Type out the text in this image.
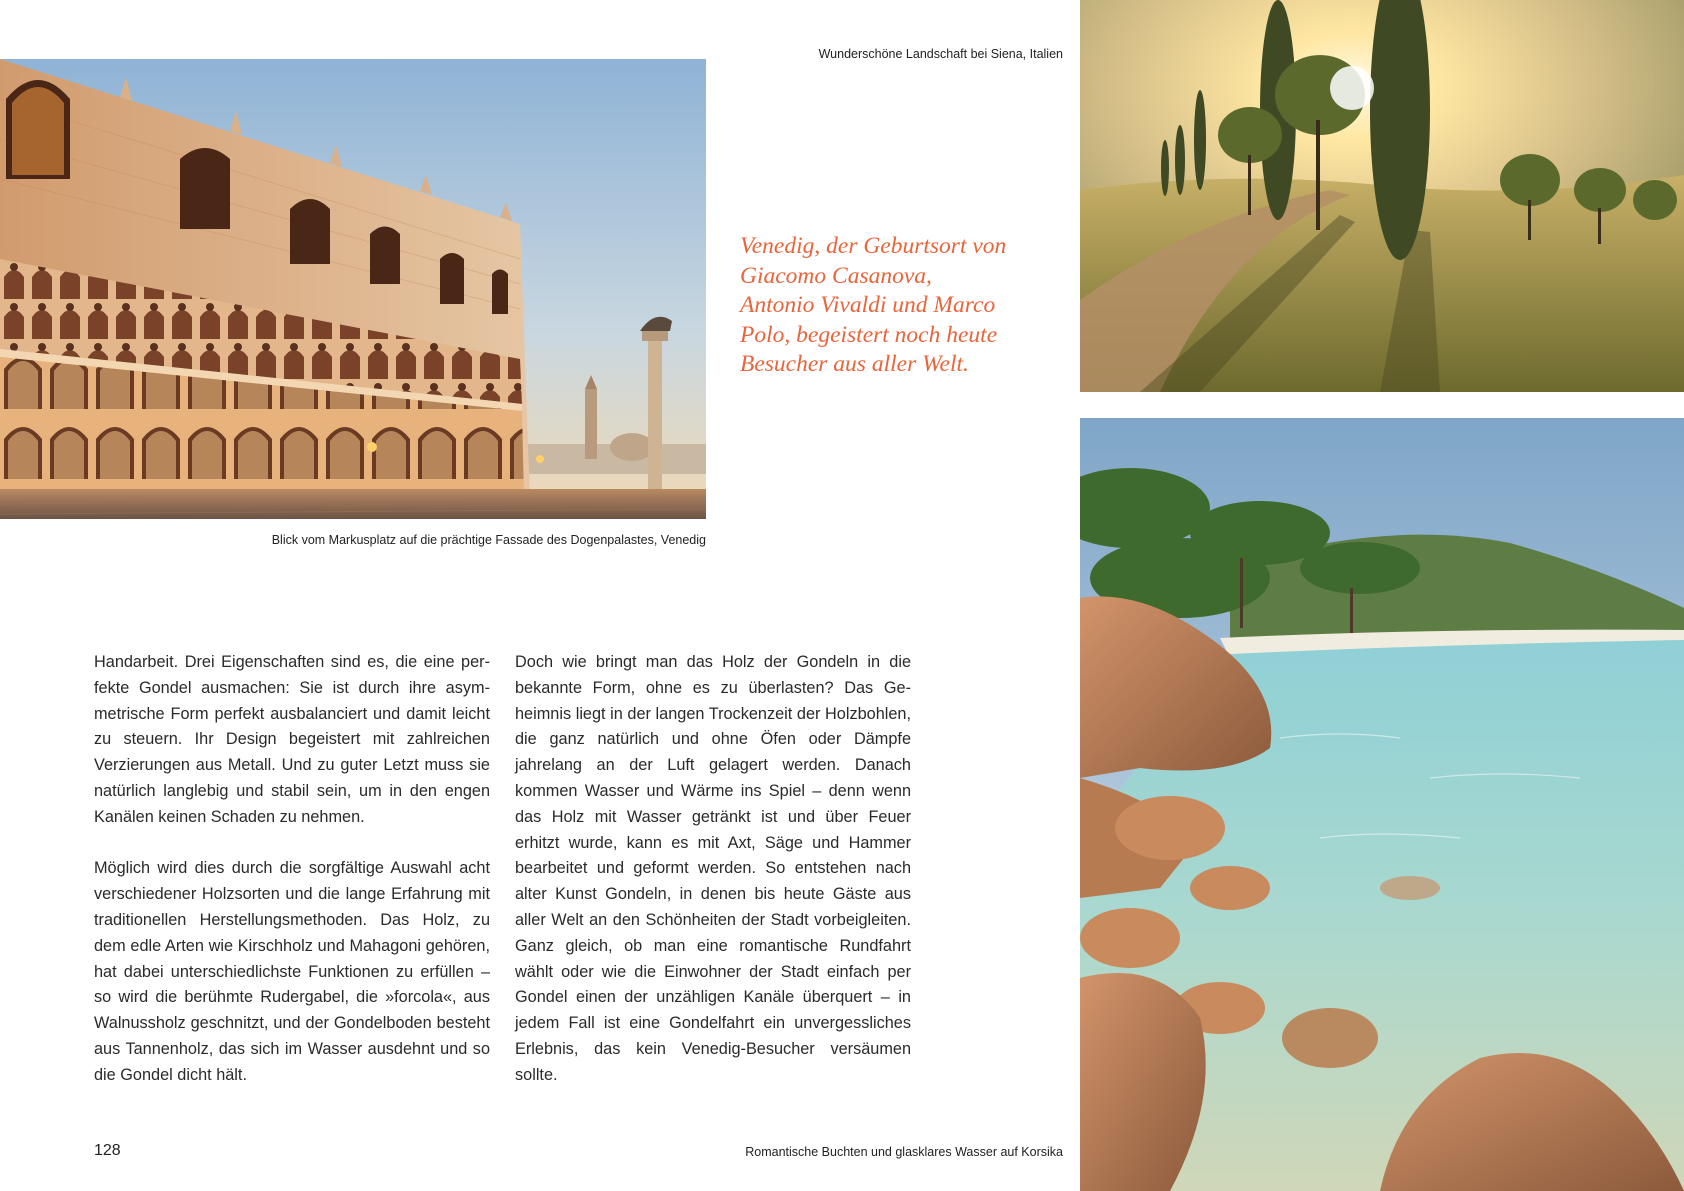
Wunderschöne Landschaft bei Siena, Italien
Blick vom Markusplatz auf die prächtige Fassade des Dogenpalastes, Venedig
Romantische Buchten und glasklares Wasser auf Korsika

Venedig, der Geburtsort von Giacomo Casanova, Antonio Vivaldi und Marco Polo, begeistert noch heute Besucher aus aller Welt.

Handarbeit. Drei Eigenschaften sind es, die eine perfekte Gondel ausmachen: Sie ist durch ihre asymmetrische Form perfekt ausbalanciert und damit leicht zu steuern. Ihr Design begeistert mit zahlreichen Verzierungen aus Metall. Und zu guter Letzt muss sie natürlich langlebig und stabil sein, um in den engen Kanälen keinen Schaden zu nehmen.

Möglich wird dies durch die sorgfältige Auswahl acht verschiedener Holzsorten und die lange Erfahrung mit traditionellen Herstellungsmethoden. Das Holz, zu dem edle Arten wie Kirschholz und Mahagoni gehören, hat dabei unterschiedlichste Funktionen zu erfüllen – so wird die berühmte Rudergabel, die »forcola«, aus Walnussholz geschnitzt, und der Gondelboden besteht aus Tannenholz, das sich im Wasser ausdehnt und so die Gondel dicht hält.

Doch wie bringt man das Holz der Gondeln in die bekannte Form, ohne es zu überlasten? Das Geheimnis liegt in der langen Trockenzeit der Holzbohlen, die ganz natürlich und ohne Öfen oder Dämpfe jahrelang an der Luft gelagert werden. Danach kommen Wasser und Wärme ins Spiel – denn wenn das Holz mit Wasser getränkt ist und über Feuer erhitzt wurde, kann es mit Axt, Säge und Hammer bearbeitet und geformt werden. So entstehen nach alter Kunst Gondeln, in denen bis heute Gäste aus aller Welt an den Schönheiten der Stadt vorbeigleiten. Ganz gleich, ob man eine romantische Rundfahrt wählt oder wie die Einwohner der Stadt einfach per Gondel einen der unzähligen Kanäle überquert – in jedem Fall ist eine Gondelfahrt ein unvergessliches Erlebnis, das kein Venedig-Besucher versäumen sollte.

128
